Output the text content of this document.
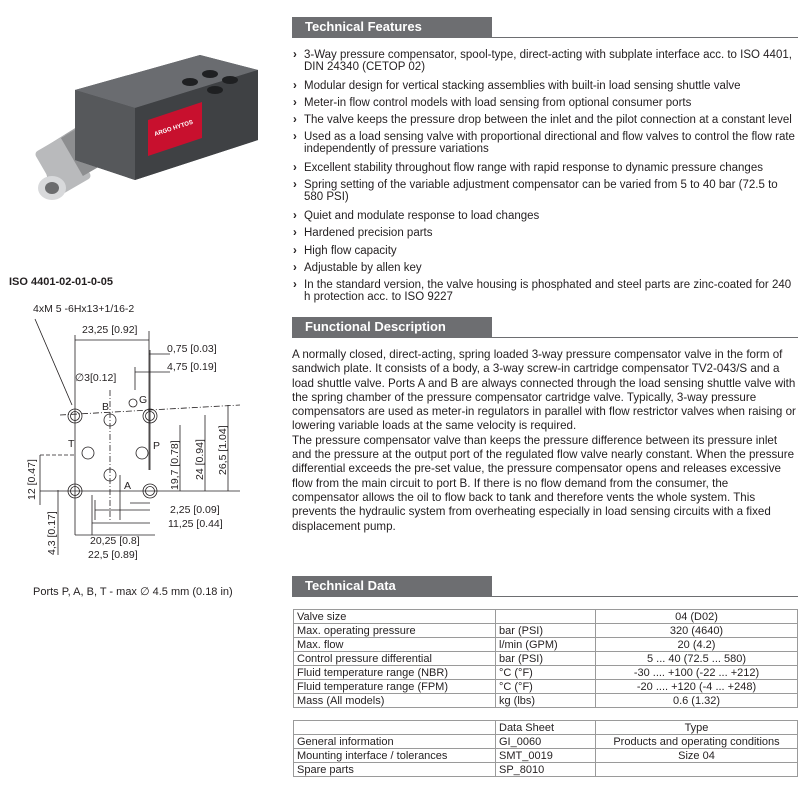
ARGO HYTOS
ISO 4401-02-01-0-05
4xM 5 -6Hx13+1/16-2
23,25 [0.92]
0,75 [0.03]
4,75 [0.19]
∅3[0.12]
2,25 [0.09]
11,25 [0.44]
20,25 [0.8]
22,5 [0.89]
12 [0.47]
4,3 [0.17]
19,7 [0.78] 24 [0.94] 26,5 [1.04]
B
G
T	P
A
Ports P, A, B, T - max ∅ 4.5 mm (0.18 in)
Technical Features
› 3-Way pressure compensator, spool-type, direct-acting with subplate interface acc. to ISO 4401, DIN 24340 (CETOP 02)
› Modular design for vertical stacking assemblies with built-in load sensing shuttle valve
› Meter-in flow control models with load sensing from optional consumer ports
› The valve keeps the pressure drop between the inlet and the pilot connection at a constant level
› Used as a load sensing valve with proportional directional and flow valves to control the flow rate independently of pressure variations
› Excellent stability throughout flow range with rapid response to dynamic pressure changes
› Spring setting of the variable adjustment compensator can be varied from 5 to 40 bar (72.5 to 580 PSI)
› Quiet and modulate response to load changes
› Hardened precision parts
› High flow capacity
› Adjustable by allen key
› In the standard version, the valve housing is phosphated and steel parts are zinc-coated for 240 h protection acc. to ISO 9227
Functional Description

A normally closed, direct-acting, spring loaded 3-way pressure compensator valve in the form of sandwich plate. It consists of a body, a 3-way screw-in cartridge compensator TV2-043/S and a load shuttle valve. Ports A and B are always connected through the load sensing shuttle valve with the spring chamber of the pressure compensator cartridge valve. Typically, 3-way pressure compensators are used as meter-in regulators in parallel with flow restrictor valves when raising or lowering variable loads at the same velocity is required.

The pressure compensator valve than keeps the pressure difference between its pressure inlet and the pressure at the output port of the regulated flow valve nearly constant. When the pressure differential exceeds the pre-set value, the pressure compensator opens and releases excessive flow from the main circuit to port B. If there is no flow demand from the consumer, the compensator allows the oil to flow back to tank and therefore vents the whole system. This prevents the hydraulic system from overheating especially in load sensing circuits with a fixed displacement pump.

Technical Data
Valve size		04 (D02)
Max. operating pressure	bar (PSI)	320 (4640)
Max. flow	l/min (GPM)	20 (4.2)
Control pressure differential	bar (PSI)	5 ... 40 (72.5 ... 580)
Fluid temperature range (NBR)	°C (°F)	-30 .... +100 (-22 ... +212)
Fluid temperature range (FPM)	°C (°F)	-20 .... +120 (-4 ... +248)
Mass (All models)	kg (lbs)	0.6 (1.32)
	Data Sheet	Type
General information	GI_0060	Products and operating conditions
Mounting interface / tolerances	SMT_0019	Size 04
Spare parts	SP_8010	
